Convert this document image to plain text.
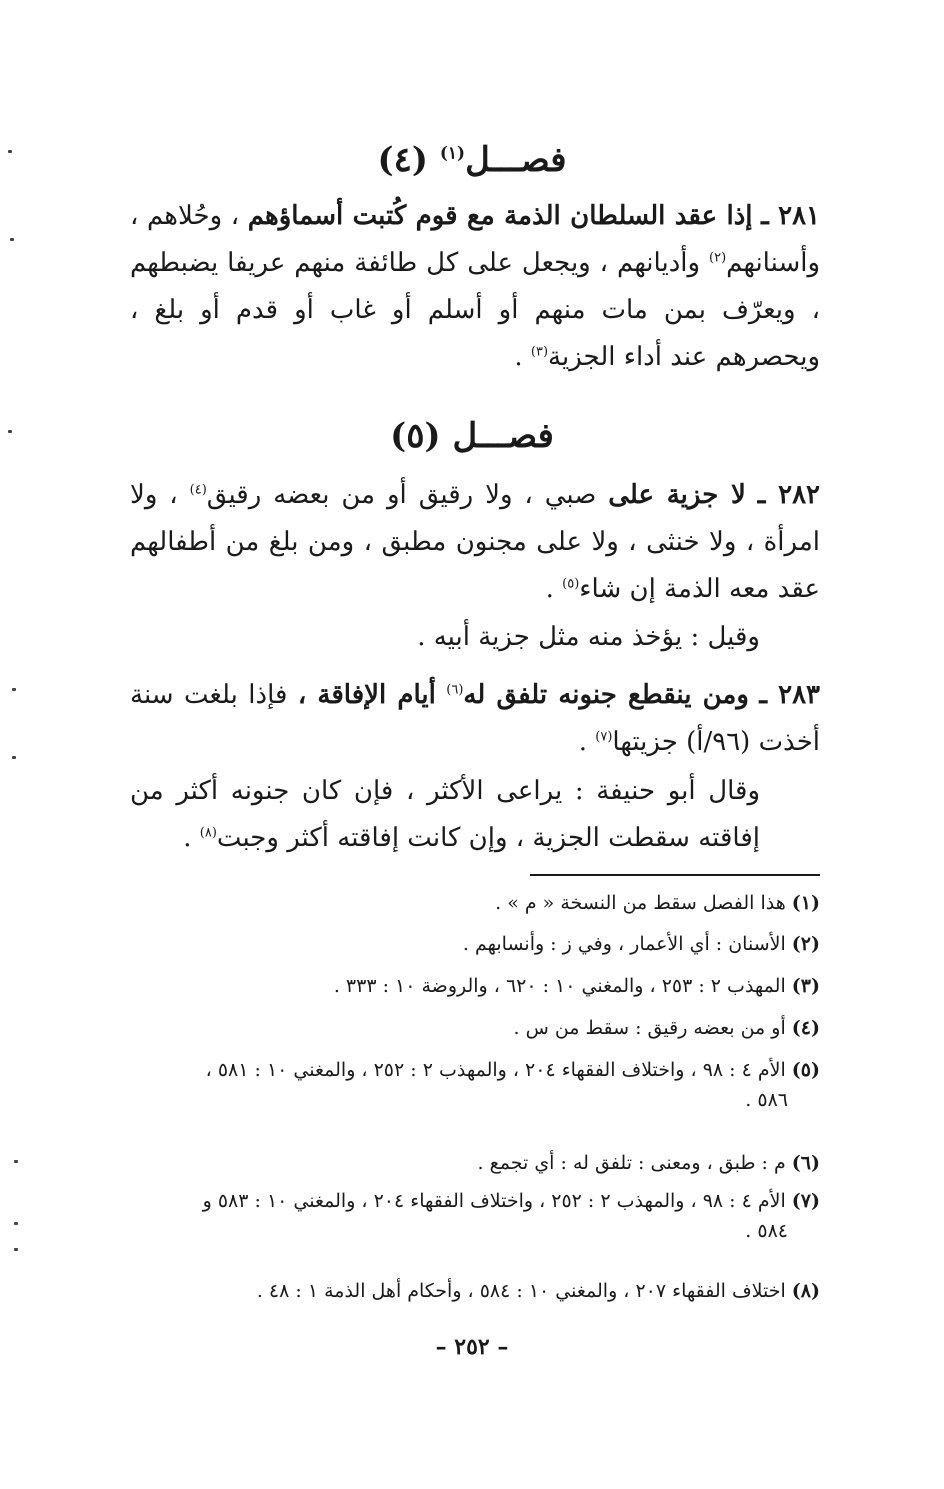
فصـــل$^{(١)}$ (٤)
٢٨١ ـ إذا عقد السلطان الذمة مع قوم كُتبت أسماؤهم ، وحُلاهم ، وأسنانهم$^{(٢)}$ وأديانهم ، ويجعل على كل طائفة منهم عريفا يضبطهم ، ويعرّف بمن مات منهم أو أسلم أو غاب أو قدم أو بلغ ، ويحصرهم عند أداء الجزية$^{(٣)}$ .
فصـــل (٥)
٢٨٢ ـ لا جزية على صبي ، ولا رقيق أو من بعضه رقيق$^{(٤)}$ ، ولا امرأة ، ولا خنثى ، ولا على مجنون مطبق ، ومن بلغ من أطفالهم عقد معه الذمة إن شاء$^{(٥)}$ .
وقيل : يؤخذ منه مثل جزية أبيه .
٢٨٣ ـ ومن ينقطع جنونه تلفق له$^{(٦)}$ أيام الإفاقة ، فإذا بلغت سنة أخذت (٩٦/أ) جزيتها$^{(٧)}$ .
وقال أبو حنيفة : يراعى الأكثر ، فإن كان جنونه أكثر من إفاقته سقطت الجزية ، وإن كانت إفاقته أكثر وجبت$^{(٨)}$ .
(١) هذا الفصل سقط من النسخة « م » .
(٢) الأسنان : أي الأعمار ، وفي ز : وأنسابهم .
(٣) المهذب ٢ : ٢٥٣ ، والمغني ١٠ : ٦٢٠ ، والروضة ١٠ : ٣٣٣ .
(٤) أو من بعضه رقيق : سقط من س .
(٥) الأم ٤ : ٩٨ ، واختلاف الفقهاء ٢٠٤ ، والمهذب ٢ : ٢٥٢ ، والمغني ١٠ : ٥٨١ ،
٥٨٦ .
(٦) م : طبق ، ومعنى : تلفق له : أي تجمع .
(٧) الأم ٤ : ٩٨ ، والمهذب ٢ : ٢٥٢ ، واختلاف الفقهاء ٢٠٤ ، والمغني ١٠ : ٥٨٣ و
٥٨٤ .
(٨) اختلاف الفقهاء ٢٠٧ ، والمغني ١٠ : ٥٨٤ ، وأحكام أهل الذمة ١ : ٤٨ .
– ٢٥٢ –
